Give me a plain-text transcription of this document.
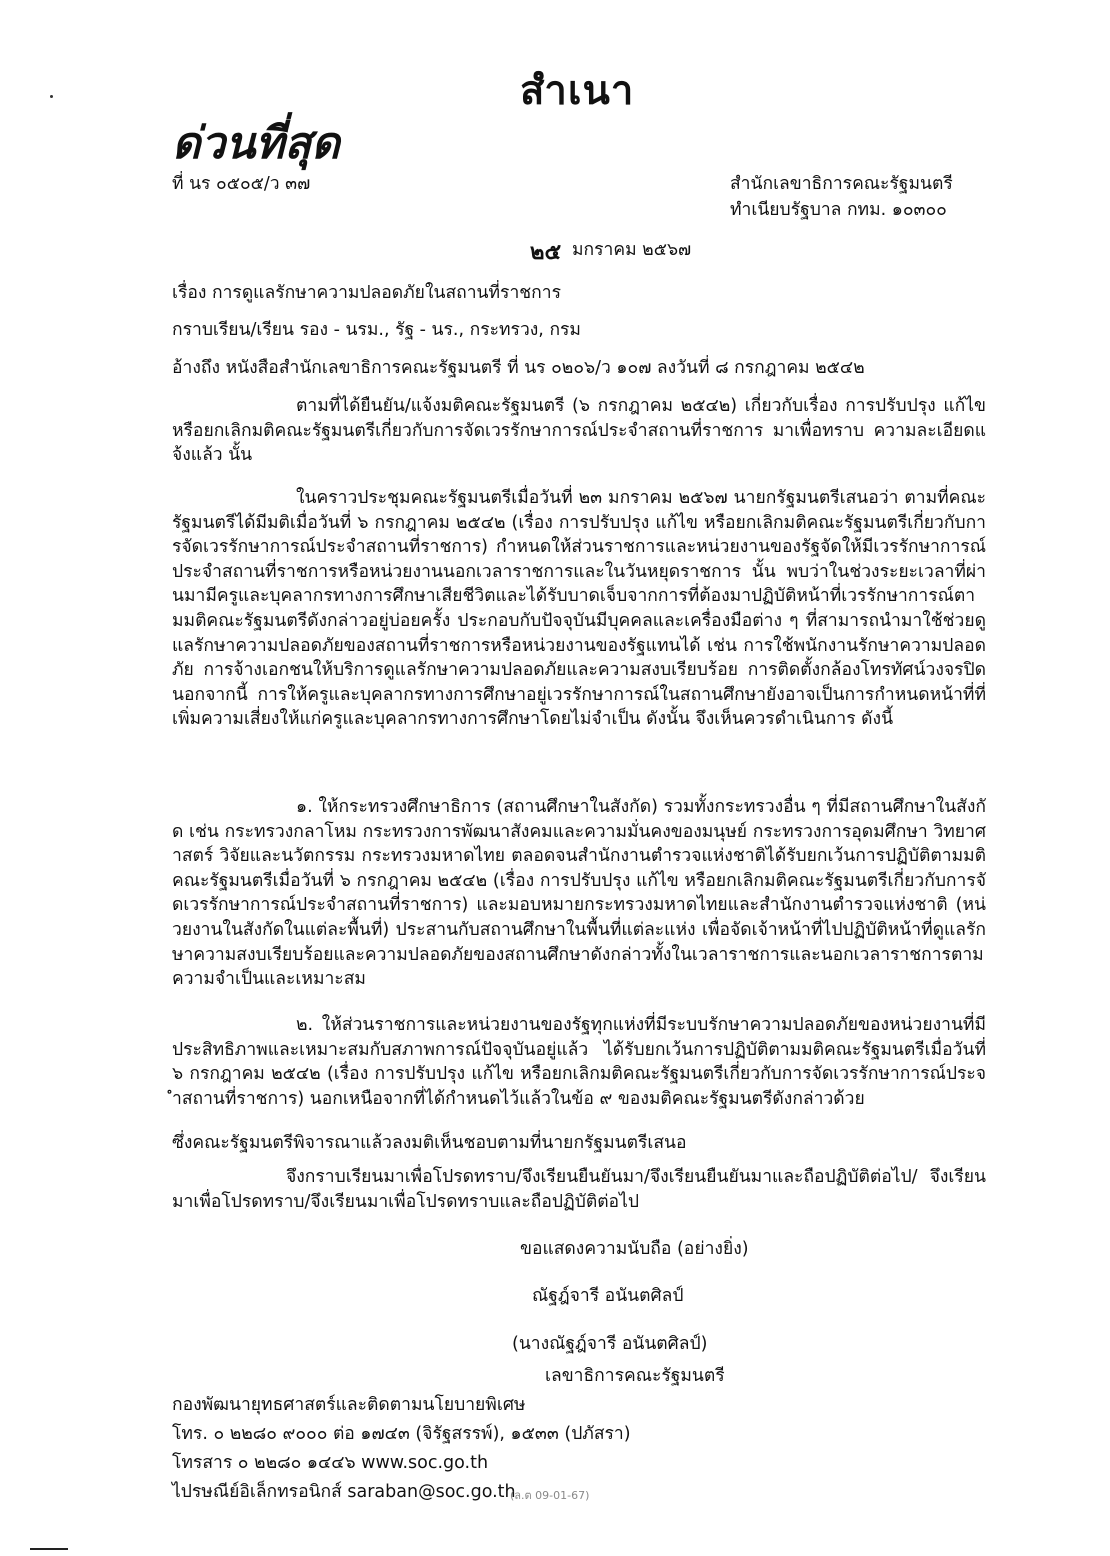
สำเนา
ด่วนที่สุด
ที่ นร ๐๕๐๕/ว ๓๗	สำนักเลขาธิการคณะรัฐมนตรี
ทำเนียบรัฐบาล กทม. ๑๐๓๐๐
๒๕ มกราคม ๒๕๖๗
เรื่อง การดูแลรักษาความปลอดภัยในสถานที่ราชการ
กราบเรียน/เรียน รอง - นรม., รัฐ - นร., กระทรวง, กรม
อ้างถึง หนังสือสำนักเลขาธิการคณะรัฐมนตรี ที่ นร ๐๒๐๖/ว ๑๐๗ ลงวันที่ ๘ กรกฎาคม ๒๕๔๒
ตามที่ได้ยืนยัน/แจ้งมติคณะรัฐมนตรี (๖ กรกฎาคม ๒๕๔๒) เกี่ยวกับเรื่อง การปรับปรุง แก้ไข หรือยกเลิกมติคณะรัฐมนตรีเกี่ยวกับการจัดเวรรักษาการณ์ประจำสถานที่ราชการ มาเพื่อทราบ ความละเอียดแจ้งแล้ว นั้น
ในคราวประชุมคณะรัฐมนตรีเมื่อวันที่ ๒๓ มกราคม ๒๕๖๗ นายกรัฐมนตรีเสนอว่า ตามที่คณะรัฐมนตรีได้มีมติเมื่อวันที่ ๖ กรกฎาคม ๒๕๔๒ (เรื่อง การปรับปรุง แก้ไข หรือยกเลิกมติคณะรัฐมนตรีเกี่ยวกับการจัดเวรรักษาการณ์ประจำสถานที่ราชการ) กำหนดให้ส่วนราชการและหน่วยงานของรัฐจัดให้มีเวรรักษาการณ์ประจำสถานที่ราชการหรือหน่วยงานนอกเวลาราชการและในวันหยุดราชการ นั้น พบว่าในช่วงระยะเวลาที่ผ่านมามีครูและบุคลากรทางการศึกษาเสียชีวิตและได้รับบาดเจ็บจากการที่ต้องมาปฏิบัติหน้าที่เวรรักษาการณ์ตามมติคณะรัฐมนตรีดังกล่าวอยู่บ่อยครั้ง ประกอบกับปัจจุบันมีบุคคลและเครื่องมือต่าง ๆ ที่สามารถนำมาใช้ช่วยดูแลรักษาความปลอดภัยของสถานที่ราชการหรือหน่วยงานของรัฐแทนได้ เช่น การใช้พนักงานรักษาความปลอดภัย การจ้างเอกชนให้บริการดูแลรักษาความปลอดภัยและความสงบเรียบร้อย การติดตั้งกล้องโทรทัศน์วงจรปิด นอกจากนี้ การให้ครูและบุคลากรทางการศึกษาอยู่เวรรักษาการณ์ในสถานศึกษายังอาจเป็นการกำหนดหน้าที่ที่เพิ่มความเสี่ยงให้แก่ครูและบุคลากรทางการศึกษาโดยไม่จำเป็น ดังนั้น จึงเห็นควรดำเนินการ ดังนี้
๑. ให้กระทรวงศึกษาธิการ (สถานศึกษาในสังกัด) รวมทั้งกระทรวงอื่น ๆ ที่มีสถานศึกษาในสังกัด เช่น กระทรวงกลาโหม กระทรวงการพัฒนาสังคมและความมั่นคงของมนุษย์ กระทรวงการอุดมศึกษา วิทยาศาสตร์ วิจัยและนวัตกรรม กระทรวงมหาดไทย ตลอดจนสำนักงานตำรวจแห่งชาติได้รับยกเว้นการปฏิบัติตามมติคณะรัฐมนตรีเมื่อวันที่ ๖ กรกฎาคม ๒๕๔๒ (เรื่อง การปรับปรุง แก้ไข หรือยกเลิกมติคณะรัฐมนตรีเกี่ยวกับการจัดเวรรักษาการณ์ประจำสถานที่ราชการ) และมอบหมายกระทรวงมหาดไทยและสำนักงานตำรวจแห่งชาติ (หน่วยงานในสังกัดในแต่ละพื้นที่) ประสานกับสถานศึกษาในพื้นที่แต่ละแห่ง เพื่อจัดเจ้าหน้าที่ไปปฏิบัติหน้าที่ดูแลรักษาความสงบเรียบร้อยและความปลอดภัยของสถานศึกษาดังกล่าวทั้งในเวลาราชการและนอกเวลาราชการตามความจำเป็นและเหมาะสม
๒. ให้ส่วนราชการและหน่วยงานของรัฐทุกแห่งที่มีระบบรักษาความปลอดภัยของหน่วยงานที่มีประสิทธิภาพและเหมาะสมกับสภาพการณ์ปัจจุบันอยู่แล้ว ได้รับยกเว้นการปฏิบัติตามมติคณะรัฐมนตรีเมื่อวันที่ ๖ กรกฎาคม ๒๕๔๒ (เรื่อง การปรับปรุง แก้ไข หรือยกเลิกมติคณะรัฐมนตรีเกี่ยวกับการจัดเวรรักษาการณ์ประจำสถานที่ราชการ) นอกเหนือจากที่ได้กำหนดไว้แล้วในข้อ ๙ ของมติคณะรัฐมนตรีดังกล่าวด้วย
ซึ่งคณะรัฐมนตรีพิจารณาแล้วลงมติเห็นชอบตามที่นายกรัฐมนตรีเสนอ
จึงกราบเรียนมาเพื่อโปรดทราบ/จึงเรียนยืนยันมา/จึงเรียนยืนยันมาและถือปฏิบัติต่อไป/ จึงเรียนมาเพื่อโปรดทราบ/จึงเรียนมาเพื่อโปรดทราบและถือปฏิบัติต่อไป
ขอแสดงความนับถือ (อย่างยิ่ง)
ณัฐฎ์จารี อนันตศิลป์
(นางณัฐฎ์จารี อนันตศิลป์)
เลขาธิการคณะรัฐมนตรี
กองพัฒนายุทธศาสตร์และติดตามนโยบายพิเศษ
โทร. ๐ ๒๒๘๐ ๙๐๐๐ ต่อ ๑๗๔๓ (จิรัฐสรรพ์), ๑๕๓๓ (ปภัสรา)
โทรสาร ๐ ๒๒๘๐ ๑๔๔๖ www.soc.go.th
ไปรษณีย์อิเล็กทรอนิกส์ saraban@soc.go.th
(ล.ต 09-01-67)
